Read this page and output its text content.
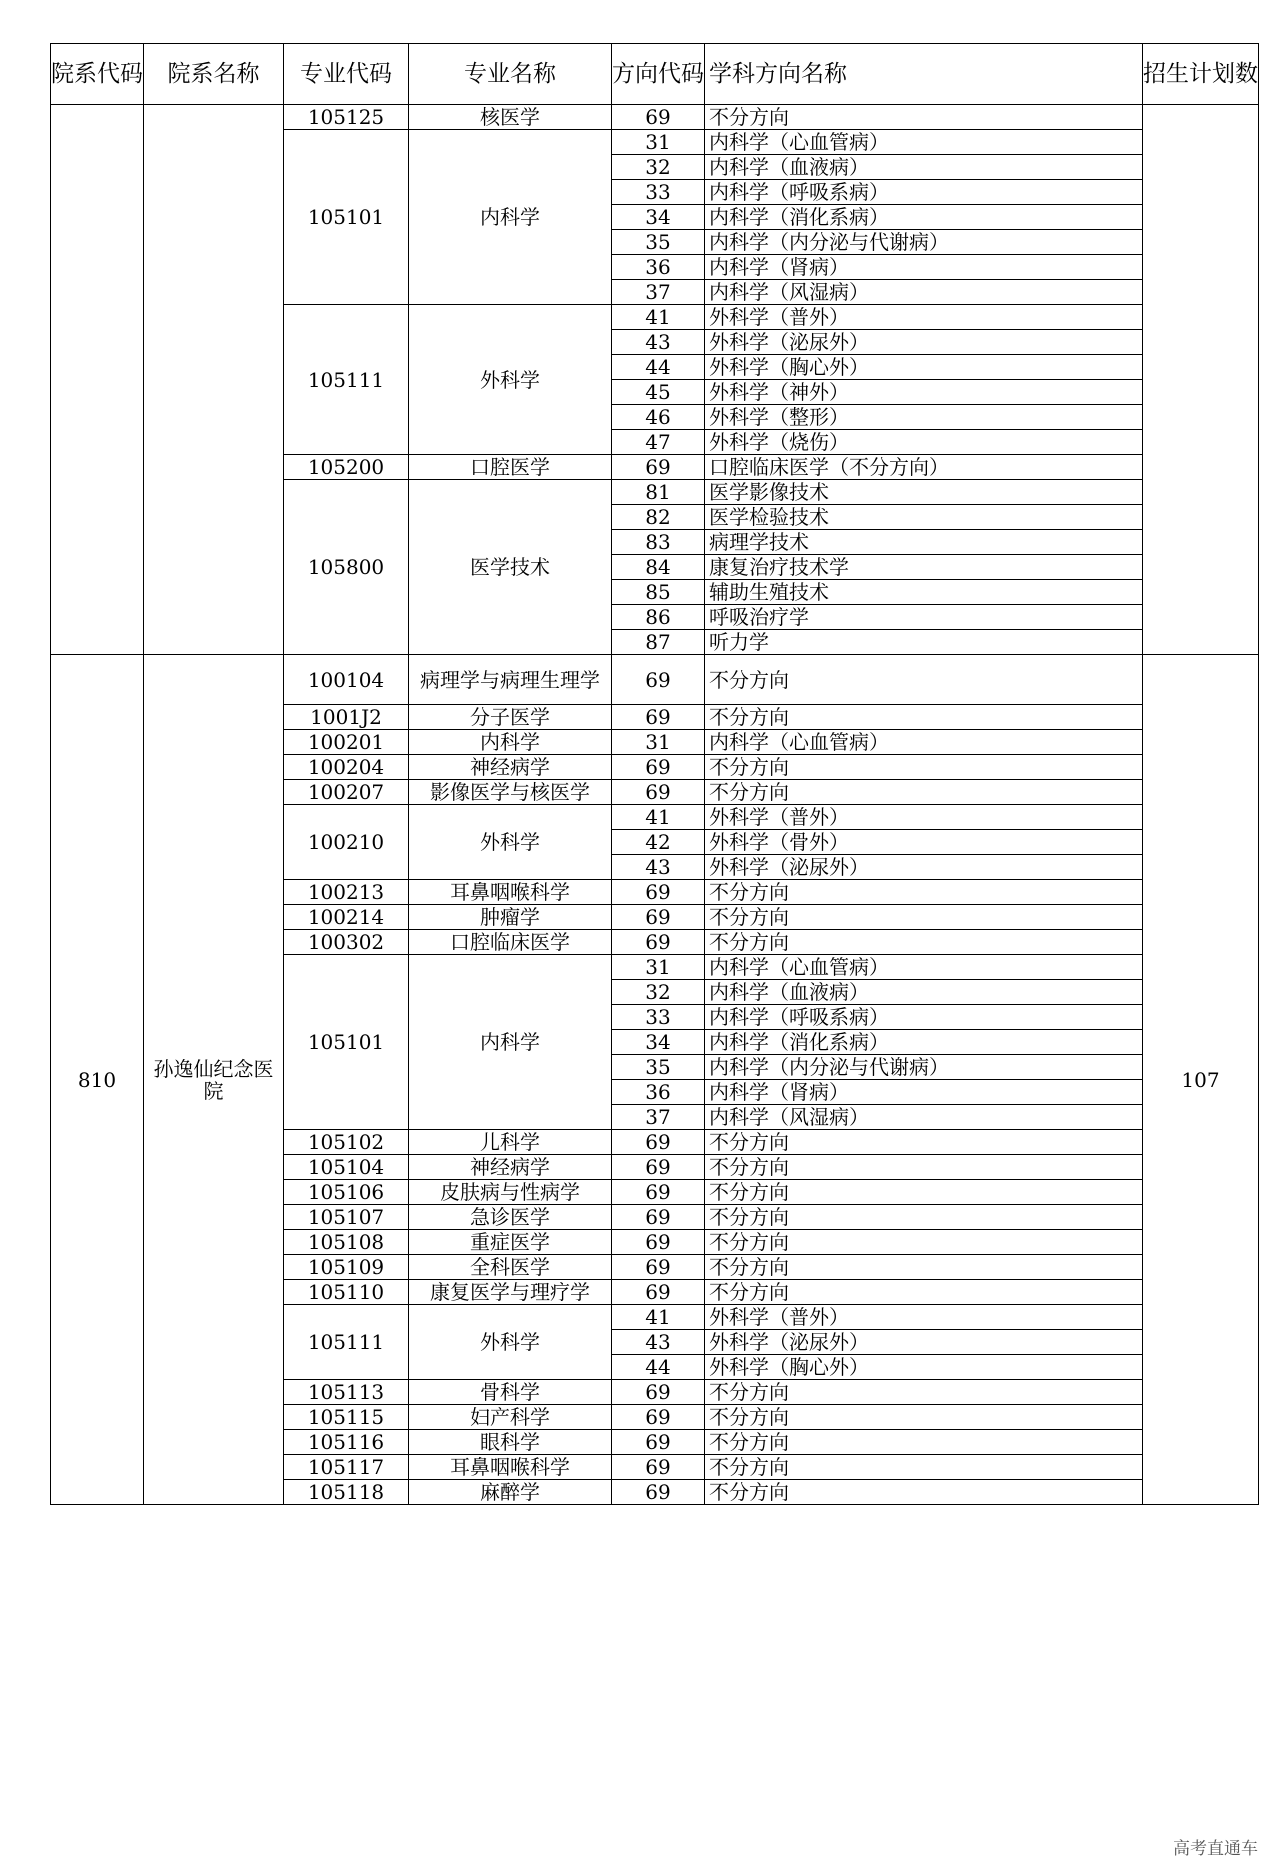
院系代码	院系名称	专业代码	专业名称	方向代码	学科方向名称	招生计划数
		105125	核医学	69	不分方向	
		105101	内科学	31	内科学（心血管病）	
				32	内科学（血液病）	
				33	内科学（呼吸系病）	
				34	内科学（消化系病）	
				35	内科学（内分泌与代谢病）	
				36	内科学（肾病）	
				37	内科学（风湿病）	
		105111	外科学	41	外科学（普外）	
				43	外科学（泌尿外）	
				44	外科学（胸心外）	
				45	外科学（神外）	
				46	外科学（整形）	
				47	外科学（烧伤）	
		105200	口腔医学	69	口腔临床医学（不分方向）	
		105800	医学技术	81	医学影像技术	
				82	医学检验技术	
				83	病理学技术	
				84	康复治疗技术学	
				85	辅助生殖技术	
				86	呼吸治疗学	
				87	听力学	
810	孙逸仙纪念医院	100104	病理学与病理生理学	69	不分方向	107
		1001J2	分子医学	69	不分方向	
		100201	内科学	31	内科学（心血管病）	
		100204	神经病学	69	不分方向	
		100207	影像医学与核医学	69	不分方向	
		100210	外科学	41	外科学（普外）	
				42	外科学（骨外）	
				43	外科学（泌尿外）	
		100213	耳鼻咽喉科学	69	不分方向	
		100214	肿瘤学	69	不分方向	
		100302	口腔临床医学	69	不分方向	
		105101	内科学	31	内科学（心血管病）	
				32	内科学（血液病）	
				33	内科学（呼吸系病）	
				34	内科学（消化系病）	
				35	内科学（内分泌与代谢病）	
				36	内科学（肾病）	
				37	内科学（风湿病）	
		105102	儿科学	69	不分方向	
		105104	神经病学	69	不分方向	
		105106	皮肤病与性病学	69	不分方向	
		105107	急诊医学	69	不分方向	
		105108	重症医学	69	不分方向	
		105109	全科医学	69	不分方向	
		105110	康复医学与理疗学	69	不分方向	
		105111	外科学	41	外科学（普外）	
				43	外科学（泌尿外）	
				44	外科学（胸心外）	
		105113	骨科学	69	不分方向	
		105115	妇产科学	69	不分方向	
		105116	眼科学	69	不分方向	
		105117	耳鼻咽喉科学	69	不分方向	
		105118	麻醉学	69	不分方向	
高考直通车
